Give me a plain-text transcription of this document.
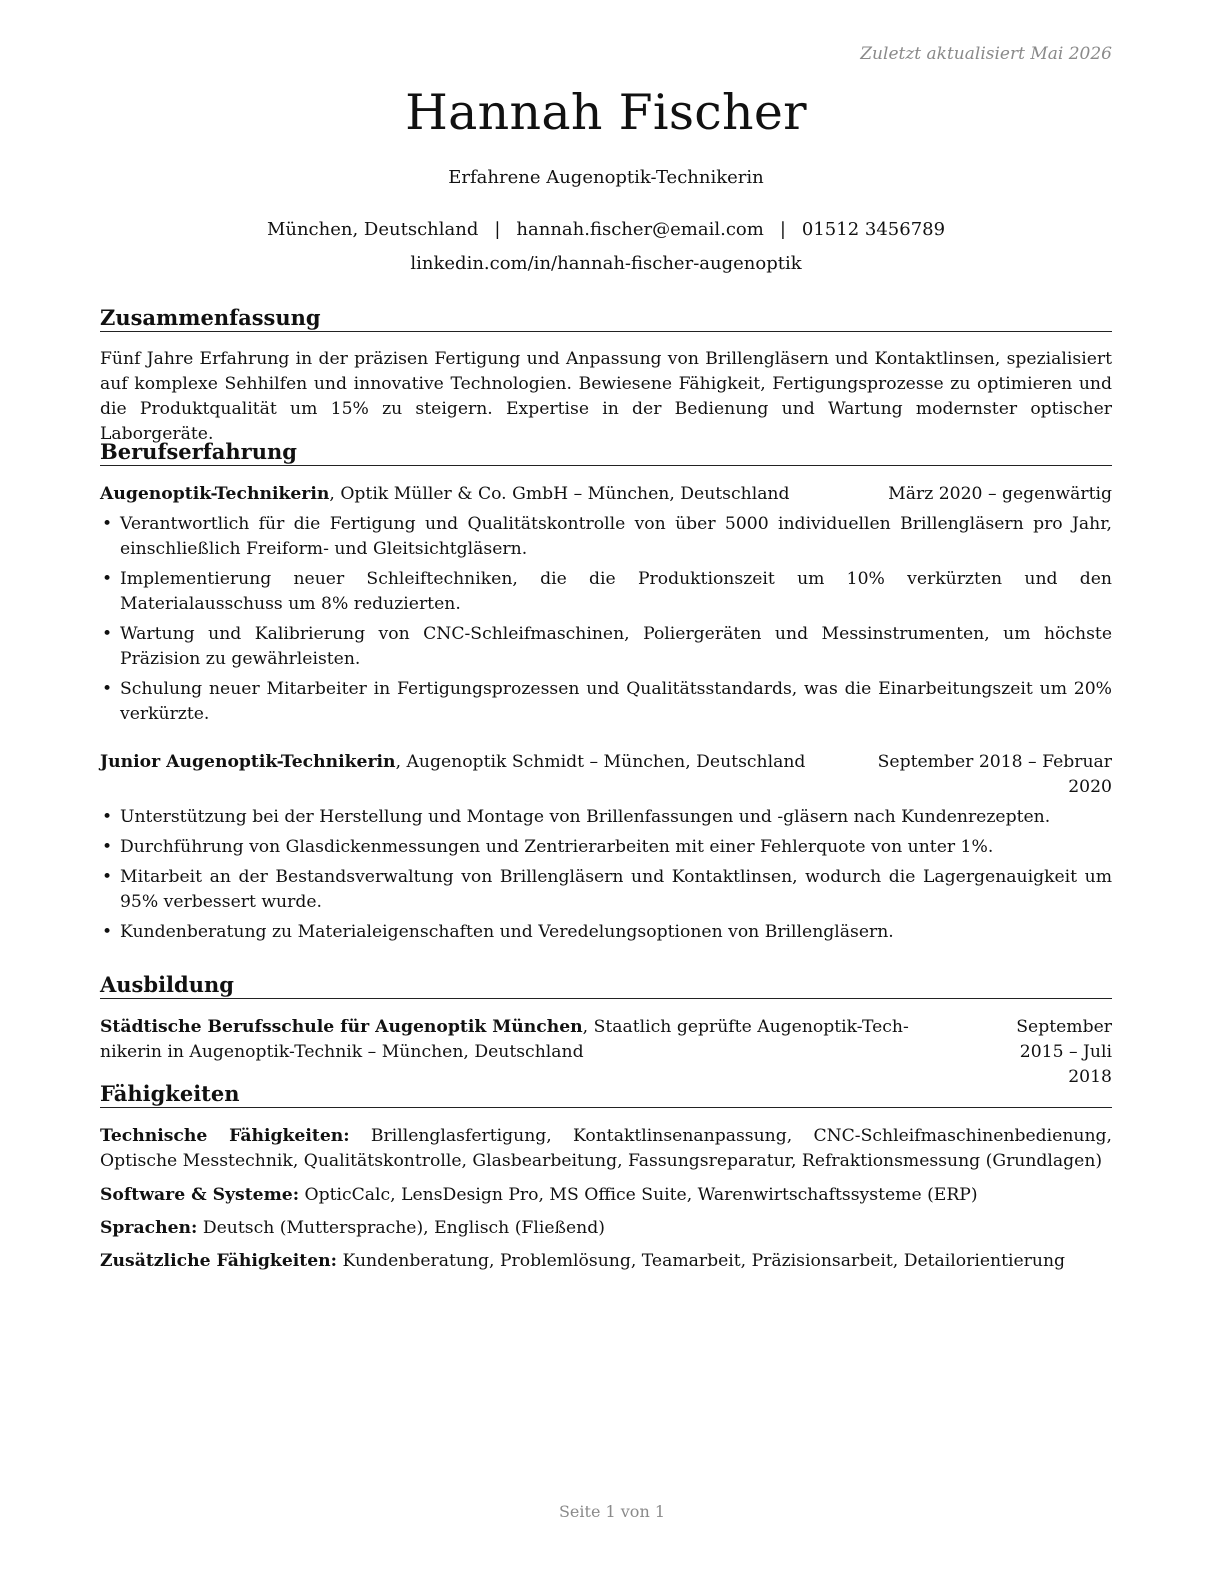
Zuletzt aktualisiert Mai 2026
Hannah Fischer
Erfahrene Augenoptik-Technikerin
München, Deutschland | hannah.fischer@email.com | 01512 3456789
linkedin.com/in/hannah-fischer-augenoptik
Zusammenfassung
Fünf Jahre Erfahrung in der präzisen Fertigung und Anpassung von Brillengläsern und Kontaktlinsen, spezialisiert auf komplexe Sehhilfen und innovative Technologien. Bewiesene Fähigkeit, Fertigungsprozesse zu optimieren und die Produktqualität um 15% zu steigern. Expertise in der Bedienung und Wartung modernster optischer Laborgeräte.
Berufserfahrung
Augenoptik-Technikerin, Optik Müller & Co. GmbH – München, Deutschland	März 2020 – gegenwärtig
• Verantwortlich für die Fertigung und Qualitätskontrolle von über 5000 individuellen Brillengläsern pro Jahr, einschließlich Freiform- und Gleitsichtgläsern.
• Implementierung neuer Schleiftechniken, die die Produktionszeit um 10% verkürzten und den Materialausschuss um 8% reduzierten.
• Wartung und Kalibrierung von CNC-Schleifmaschinen, Poliergeräten und Messinstrumenten, um höchste Präzision zu gewährleisten.
• Schulung neuer Mitarbeiter in Fertigungsprozessen und Qualitätsstandards, was die Einarbeitungszeit um 20% verkürzte.
Junior Augenoptik-Technikerin, Augenoptik Schmidt – München, Deutschland	September 2018 – Februar
2020
• Unterstützung bei der Herstellung und Montage von Brillenfassungen und -gläsern nach Kundenrezepten.
• Durchführung von Glasdickenmessungen und Zentrierarbeiten mit einer Fehlerquote von unter 1%.
• Mitarbeit an der Bestandsverwaltung von Brillengläsern und Kontaktlinsen, wodurch die Lagergenauigkeit um 95% verbessert wurde.
• Kundenberatung zu Materialeigenschaften und Veredelungsoptionen von Brillengläsern.
Ausbildung
Städtische Berufsschule für Augenoptik München, Staatlich geprüfte Augenoptik-Tech-
nikerin in Augenoptik-Technik – München, Deutschland
September 2015 – Juli
2018
Fähigkeiten
Technische Fähigkeiten: Brillenglasfertigung, Kontaktlinsenanpassung, CNC-Schleifmaschinenbedienung, Optische Messtechnik, Qualitätskontrolle, Glasbearbeitung, Fassungsreparatur, Refraktionsmessung (Grundlagen)
Software & Systeme: OpticCalc, LensDesign Pro, MS Office Suite, Warenwirtschaftssysteme (ERP)
Sprachen: Deutsch (Muttersprache), Englisch (Fließend)
Zusätzliche Fähigkeiten: Kundenberatung, Problemlösung, Teamarbeit, Präzisionsarbeit, Detailorientierung
Seite 1 von 1
